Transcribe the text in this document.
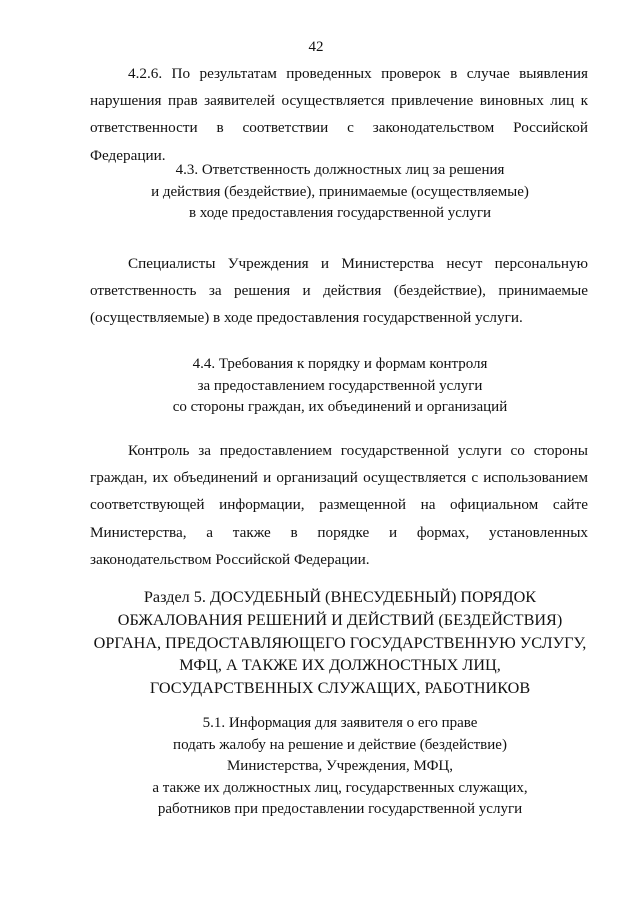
42

4.2.6. По результатам проведенных проверок в случае выявления нарушения прав заявителей осуществляется привлечение виновных лиц к ответственности в соответствии с законодательством Российской Федерации.

4.3. Ответственность должностных лиц за решения
и действия (бездействие), принимаемые (осуществляемые)
в ходе предоставления государственной услуги

Специалисты Учреждения и Министерства несут персональную ответственность за решения и действия (бездействие), принимаемые (осуществляемые) в ходе предоставления государственной услуги.

4.4. Требования к порядку и формам контроля
за предоставлением государственной услуги
со стороны граждан, их объединений и организаций

Контроль за предоставлением государственной услуги со стороны граждан, их объединений и организаций осуществляется с использованием соответствующей информации, размещенной на официальном сайте Министерства, а также в порядке и формах, установленных законодательством Российской Федерации.

Раздел 5. ДОСУДЕБНЫЙ (ВНЕСУДЕБНЫЙ) ПОРЯДОК
ОБЖАЛОВАНИЯ РЕШЕНИЙ И ДЕЙСТВИЙ (БЕЗДЕЙСТВИЯ)
ОРГАНА, ПРЕДОСТАВЛЯЮЩЕГО ГОСУДАРСТВЕННУЮ УСЛУГУ,
МФЦ, А ТАКЖЕ ИХ ДОЛЖНОСТНЫХ ЛИЦ,
ГОСУДАРСТВЕННЫХ СЛУЖАЩИХ, РАБОТНИКОВ
5.1. Информация для заявителя о его праве
подать жалобу на решение и действие (бездействие)
Министерства, Учреждения, МФЦ,
а также их должностных лиц, государственных служащих,
работников при предоставлении государственной услуги
